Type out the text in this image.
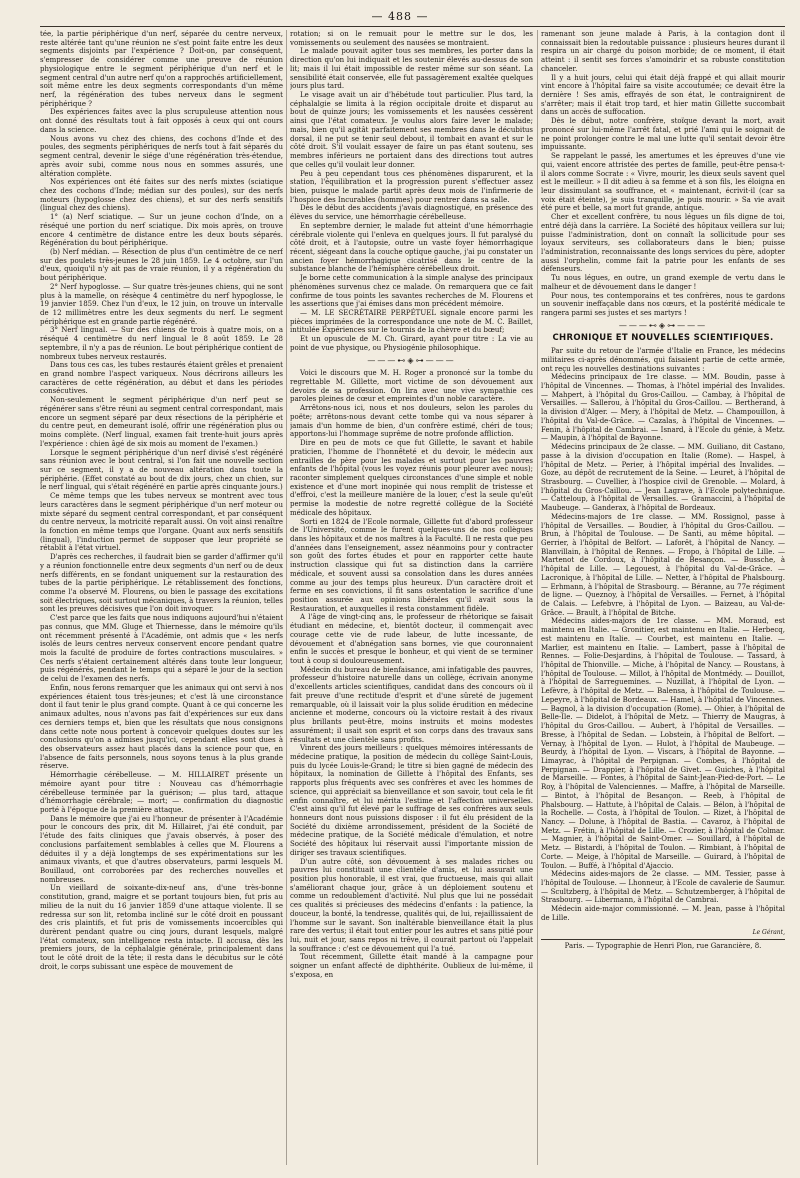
— 488 —

tée, la partie périphérique d'un nerf, séparée du centre nerveux, reste altérée tant qu'une réunion ne s'est point faite entre les deux segments disjoints par l'expérience ? Doit-on, par conséquent, s'empresser de considérer comme une preuve de réunion physiologique entre le segment périphérique d'un nerf et le segment central d'un autre nerf qu'on a rapprochés artificiellement, soit même entre les deux segments correspondants d'un même nerf, la régénération des tubes nerveux dans le segment périphérique ?

Des expériences faites avec la plus scrupuleuse attention nous ont donné des résultats tout à fait opposés à ceux qui ont cours dans la science.

Nous avons vu chez des chiens, des cochons d'Inde et des poules, des segments périphériques de nerfs tout à fait séparés du segment central, devenir le siége d'une régénération très-étendue, après avoir subi, comme nous nous en sommes assurés, une altération complète.

Nos expériences ont été faites sur des nerfs mixtes (sciatique chez des cochons d'Inde; médian sur des poules), sur des nerfs moteurs (hypoglosse chez des chiens), et sur des nerfs sensitifs (lingual chez des chiens).

1° (a) Nerf sciatique. — Sur un jeune cochon d'Inde, on a réséqué une portion du nerf sciatique. Dix mois après, on trouve encore 4 centimètre de distance entre les deux bouts séparés. Régénération du bout périphérique.

(b) Nerf médian. — Résection de plus d'un centimètre de ce nerf sur des poulets très-jeunes le 28 juin 1859. Le 4 octobre, sur l'un d'eux, quoiqu'il n'y ait pas de vraie réunion, il y a régénération du bout périphérique.

2° Nerf hypoglosse. — Sur quatre très-jeunes chiens, qui ne sont plus à la mamelle, on résèque 4 centimètre du nerf hypoglosse, le 19 janvier 1859. Chez l'un d'eux, le 12 juin, on trouve un intervalle de 12 millimètres entre les deux segments du nerf. Le segment périphérique est en grande partie régénéré.

3° Nerf lingual. — Sur des chiens de trois à quatre mois, on a réséqué 4 centimètre du nerf lingual le 8 août 1859. Le 28 septembre, il n'y a pas de réunion. Le bout périphérique contient de nombreux tubes nerveux restaurés.

Dans tous ces cas, les tubes restaurés étaient grêles et prenaient en grand nombre l'aspect variqueux. Nous décrirons ailleurs les caractères de cette régénération, au début et dans les périodes consécutives.

Non-seulement le segment périphérique d'un nerf peut se régénérer sans s'être réuni au segment central correspondant, mais encore un segment séparé par deux résections de la périphérie et du centre peut, en demeurant isolé, offrir une régénération plus ou moins complète. (Nerf lingual, examen fait trente-huit jours après l'expérience : chien âgé de six mois au moment de l'examen.)

Lorsque le segment périphérique d'un nerf divisé s'est régénéré sans réunion avec le bout central, si l'on fait une nouvelle section sur ce segment, il y a de nouveau altération dans toute la périphérie. (Effet constaté au bout de dix jours, chez un chien, sur le nerf lingual, qui s'était régénéré en partie après cinquante jours.)

Ce même temps que les tubes nerveux se montrent avec tous leurs caractères dans le segment périphérique d'un nerf moteur ou mixte séparé du segment central correspondant, et par conséquent du centre nerveux, la motricité reparaît aussi. On voit ainsi renaître la fonction en même temps que l'organe. Quant aux nerfs sensitifs (lingual), l'induction permet de supposer que leur propriété se rétablit à l'état virtuel.

D'après ces recherches, il faudrait bien se garder d'affirmer qu'il y a réunion fonctionnelle entre deux segments d'un nerf ou de deux nerfs différents, en se fondant uniquement sur la restauration des tubes de la partie périphérique. Le rétablissement des fonctions, comme l'a observé M. Flourens, ou bien le passage des excitations soit électriques, soit surtout mécaniques, à travers la réunion, telles sont les preuves décisives que l'on doit invoquer.

C'est parce que les faits que nous indiquons aujourd'hui n'étaient pas connus, que MM. Gluge et Thiernesse, dans le mémoire qu'ils ont récemment présenté à l'Académie, ont admis que « les nerfs isolés de leurs centres nerveux conservent encore pendant quatre mois la faculté de produire de fortes contractions musculaires. » Ces nerfs s'étaient certainement altérés dans toute leur longueur, puis régénérés, pendant le temps qui a séparé le jour de la section de celui de l'examen des nerfs.

Enfin, nous ferons remarquer que les animaux qui ont servi à nos expériences étaient tous très-jeunes; et c'est là une circonstance dont il faut tenir le plus grand compte. Quant à ce qui concerne les animaux adultes, nous n'avons pas fait d'expériences sur eux dans ces derniers temps et, bien que les résultats que nous consignons dans cette note nous portent à concevoir quelques doutes sur les conclusions qu'on a admises jusqu'ici, cependant elles sont dues à des observateurs assez haut placés dans la science pour que, en l'absence de faits personnels, nous soyons tenus à la plus grande réserve.

Hémorrhagie cérébelleuse. — M. HILLAIRET présente un mémoire ayant pour titre : Nouveau cas d'hémorrhagie cérébelleuse terminée par la guérison; — plus tard, attaque d'hémorrhagie cérébrale; — mort; — confirmation du diagnostic porté à l'époque de la première attaque.

Dans le mémoire que j'ai eu l'honneur de présenter à l'Académie pour le concours des prix, dit M. Hillairet, j'ai été conduit, par l'étude des faits cliniques que j'avais observés, à poser des conclusions parfaitement semblables à celles que M. Flourens a déduites il y a déjà longtemps de ses expérimentations sur les animaux vivants, et que d'autres observateurs, parmi lesquels M. Bouillaud, ont corroborées par des recherches nouvelles et nombreuses.

Un vieillard de soixante-dix-neuf ans, d'une très-bonne constitution, grand, maigre et se portant toujours bien, fut pris au milieu de la nuit du 16 janvier 1859 d'une attaque violente. Il se redressa sur son lit, retomba incliné sur le côté droit en poussant des cris plaintifs, et fut pris de vomissements incoercibles qui durèrent pendant quatre ou cinq jours, durant lesquels, malgré l'état comateux, son intelligence resta intacte. Il accusa, dès les premiers jours, de la céphalalgie générale, principalement dans tout le côté droit de la tête; il resta dans le décubitus sur le côté droit, le corps subissant une espèce de mouvement de

rotation; si on le remuait pour le mettre sur le dos, les vomissements ou seulement des nausées se montraient.

Le malade pouvait agiter tous ses membres, les porter dans la direction qu'on lui indiquait et les soutenir élevés au-dessus de son lit; mais il lui était impossible de rester même sur son séant. La sensibilité était conservée, elle fut passagèrement exaltée quelques jours plus tard.

Le visage avait un air d'hébétude tout particulier. Plus tard, la céphalalgie se limita à la région occipitale droite et disparut au bout de quinze jours; les vomissements et les nausées cessèrent ainsi que l'état comateux. Je voulus alors faire lever le malade; mais, bien qu'il agitât parfaitement ses membres dans le décubitus dorsal, il ne put se tenir seul debout, il tombait en avant et sur le côté droit. S'il voulait essayer de faire un pas étant soutenu, ses membres inférieurs ne portaient dans des directions tout autres que celles qu'il voulait leur donner.

Peu à peu cependant tous ces phénomènes disparurent, et la station, l'équilibration et la progression purent s'effectuer assez bien, puisque le malade partit après deux mois de l'infirmerie de l'hospice des Incurables (hommes) pour rentrer dans sa salle.

Dès le début des accidents j'avais diagnostiqué, en présence des élèves du service, une hémorrhagie cérébelleuse.

En septembre dernier, le malade fut atteint d'une hémorrhagie cérébrale violente qui l'enleva en quelques jours. Il fut paralysé du côté droit, et à l'autopsie, outre un vaste foyer hémorrhagique récent, siégeant dans la couche optique gauche, j'ai pu constater un ancien foyer hémorrhagique cicatrisé dans le centre de la substance blanche de l'hémisphère cérébelleux droit.

Je borne cette communication à la simple analyse des principaux phénomènes survenus chez ce malade. On remarquera que ce fait confirme de tous points les savantes recherches de M. Flourens et les assertions que j'ai émises dans mon précédent mémoire.

— M. LE SECRÉTAIRE PERPÉTUEL signale encore parmi les pièces imprimées de la correspondance une note de M. C. Baillet, intitulée Expériences sur le tournis de la chèvre et du bœuf;

Et un opuscule de M. Ch. Girard, ayant pour titre : La vie au point de vue physique, ou Physiogénie philosophique.

———⊷◈⊶———

Voici le discours que M. H. Roger a prononcé sur la tombe du regrettable M. Gillette, mort victime de son dévouement aux devoirs de sa profession. On lira avec une vive sympathie ces paroles pleines de cœur et empreintes d'un noble caractère.

Arrêtons-nous ici, nous et nos douleurs, selon les paroles du poëte; arrêtons-nous devant cette tombe qui va nous séparer à jamais d'un homme de bien, d'un confrère estimé, chéri de tous; apportons-lui l'hommage suprême de notre profonde affliction.

Dire en peu de mots ce que fut Gillette, le savant et habile praticien, l'homme de l'honnêteté et du devoir, le médecin aux entrailles de père pour les malades et surtout pour les pauvres enfants de l'hôpital (vous les voyez réunis pour pleurer avec nous); raconter simplement quelques circonstances d'une simple et noble existence et d'une mort inopinée qui nous remplit de tristesse et d'effroi, c'est la meilleure manière de la louer, c'est la seule qu'eût permise la modestie de notre regretté collègue de la Société médicale des hôpitaux.

Sorti en 1824 de l'Ecole normale, Gillette fut d'abord professeur de l'Université, comme le furent quelques-uns de nos collègues dans les hôpitaux et de nos maîtres à la Faculté. Il ne resta que peu d'années dans l'enseignement, assez néanmoins pour y contracter son goût des fortes études et pour en rapporter cette haute instruction classique qui fut sa distinction dans la carrière médicale, et souvent aussi sa consolation dans les dures années comme au jour des temps plus heureux. D'un caractère droit et ferme en ses convictions, il fit sans ostentation le sacrifice d'une position assurée aux opinions libérales qu'il avait sous la Restauration, et auxquelles il resta constamment fidèle.

A l'âge de vingt-cinq ans, le professeur de rhétorique se faisait étudiant en médecine, et, bientôt docteur, il commençait avec courage cette vie de rude labeur, de lutte incessante, de dévouement et d'abnégation sans bornes, vie que couronnaient enfin le succès et presque le bonheur, et qui vient de se terminer tout à coup si douloureusement.

Médecin du bureau de bienfaisance, ami infatigable des pauvres, professeur d'histoire naturelle dans un collège, écrivain anonyme d'excellents articles scientifiques, candidat dans des concours où il fait preuve d'une rectitude d'esprit et d'une sûreté de jugement remarquable, où il laissait voir la plus solide érudition en médecine ancienne et moderne, concours où la victoire restait à des rivaux plus brillants peut-être, moins instruits et moins modestes assurément; il usait son esprit et son corps dans des travaux sans résultats et une clientèle sans profits.

Vinrent des jours meilleurs : quelques mémoires intéressants de médecine pratique, la position de médecin du collège Saint-Louis, puis du lycée Louis-le-Grand; le titre si bien gagné de médecin des hôpitaux, la nomination de Gillette à l'hôpital des Enfants, ses rapports plus fréquents avec ses confrères et avec les hommes de science, qui appréciait sa bienveillance et son savoir, tout cela le fit enfin connaître, et lui mérita l'estime et l'affection universelles. C'est ainsi qu'il fut élevé par le suffrage de ses confrères aux seuls honneurs dont nous puissions disposer : il fut élu président de la Société du dixième arrondissement, président de la Société de médecine pratique, de la Société médicale d'émulation, et notre Société des hôpitaux lui réservait aussi l'importante mission de diriger ses travaux scientifiques.

D'un autre côté, son dévouement à ses malades riches ou pauvres lui constituait une clientèle d'amis, et lui assurait une position plus honorable, il est vrai, que fructueuse, mais qui allait s'améliorant chaque jour, grâce à un déploiement soutenu et comme un redoublement d'activité. Nul plus que lui ne possédait ces qualités si précieuses des médecins d'enfants : la patience, la douceur, la bonté, la tendresse, qualités qui, de lui, rejaillissaient de l'homme sur le savant. Son inaltérable bienveillance était la plus rare des vertus; il était tout entier pour les autres et sans pitié pour lui, nuit et jour, sans repos ni trêve, il courait partout où l'appelait la souffrance : c'est ce dévouement qui l'a tué.

Tout récemment, Gillette était mandé à la campagne pour soigner un enfant affecté de diphthérite. Oublieux de lui-même, il s'exposa, en

ramenant son jeune malade à Paris, à la contagion dont il connaissait bien la redoutable puissance : plusieurs heures durant il respira un air chargé du poison morbide; de ce moment, il était atteint : il sentit ses forces s'amoindrir et sa robuste constitution chanceler.

Il y a huit jours, celui qui était déjà frappé et qui allait mourir vint encore à l'hôpital faire sa visite accoutumée; ce devait être la dernière ! Ses amis, effrayés de son état, le contraignirent de s'arrêter; mais il était trop tard, et hier matin Gillette succombait dans un accès de suffocation.

Dès le début, notre confrère, stoïque devant la mort, avait prononcé sur lui-même l'arrêt fatal, et prié l'ami qui le soignait de ne point prolonger contre le mal une lutte qu'il sentait devoir être impuissante.

Se rappelant le passé, les amertumes et les épreuves d'une vie qui, vaient encore attristée des pertes de famille, peut-être pensa-t-il alors comme Socrate : « Vivre, mourir, les dieux seuls savent quel est le meilleur. » Il dit adieu à sa femme et à son fils, les éloigna en leur dissimulant sa souffrance, et « maintenant, écrivit-il (car sa voix était éteinte), je suis tranquille, je puis mourir. » Sa vie avait été pure et belle, sa mort fut grande, antique.

Cher et excellent confrère, tu nous légues un fils digne de toi, entré déjà dans la carrière. La Société des hôpitaux veillera sur lui; puisse l'administration, dont on connaît la sollicitude pour ses loyaux serviteurs, ses collaborateurs dans le bien; puisse l'administration, reconnaissante des longs services du père, adopter aussi l'orphelin, comme fait la patrie pour les enfants de ses défenseurs.

Tu nous légues, en outre, un grand exemple de vertu dans le malheur et de dévouement dans le danger !

Pour nous, tes contemporains et tes confrères, nous te gardons un souvenir ineffaçable dans nos cœurs, et la postérité médicale te rangera parmi ses justes et ses martyrs !

———⊷◈⊶———
CHRONIQUE ET NOUVELLES SCIENTIFIQUES.

Par suite du retour de l'armée d'Italie en France, les médecins militaires ci-après dénommés, qui faisaient partie de cette armée, ont reçu les nouvelles destinations suivantes :

Médecins principaux de 1re classe. — MM. Boudin, passe à l'hôpital de Vincennes. — Thomas, à l'hôtel impérial des Invalides. — Mahpert, à l'hôpital du Gros-Caillou. — Cambay, à l'hôpital de Versailles. — Sallerou, à l'hôpital du Gros-Caillou. — Bertherand, à la division d'Alger. — Mery, à l'hôpital de Metz. — Champouillon, à l'hôpital du Val-de-Grâce. — Cazalas, à l'hôpital de Vincennes. — Fenin, à l'hôpital de Cambrai. — Isnard, à l'Ecole du génie, à Metz. — Maupin, à l'hôpital de Bayonne.

Médecins principaux de 2e classe. — MM. Guiliano, dit Castano, passe à la division d'occupation en Italie (Rome). — Haspel, à l'hôpital de Metz. — Perier, à l'hôpital impérial des Invalides. — Goze, au dépôt de recrutement de la Seine. — Leuret, à l'hôpital de Strasbourg. — Cuvellier, à l'hospice civil de Grenoble. — Molard, à l'hôpital du Gros-Caillou. — Jean Lagrave, à l'Ecole polytechnique. — Catteloup, à l'hôpital de Versailles. — Gramaccini, à l'hôpital de Maubeuge. — Ganderax, à l'hôpital de Bordeaux.

Médecins-majors de 1re classe. — MM. Rossignol, passe à l'hôpital de Versailles. — Boudier, à l'hôpital du Gros-Caillou. — Brun, à l'hôpital de Toulouse. — De Santi, au même hôpital. — Gerrier, à l'hôpital de Belfort. — Laforêt, à l'hôpital de Nancy. — Blanvillain, à l'hôpital de Rennes. — Fropo, à l'hôpital de Lille. — Martenot de Cordoux, à l'hôpital de Besançon. — Bussche, à l'hôpital de Lille. — Legouest, à l'hôpital du Val-de-Grâce. — Lacronique, à l'hôpital de Lille. — Netter, à l'hôpital de Phalsbourg. — Erhmann, à l'hôpital de Strasbourg. — Béranne, au 77e régiment de ligne. — Queznoy, à l'hôpital de Versailles. — Fernet, à l'hôpital de Calais. — Lefebvre, à l'hôpital de Lyon. — Baizeau, au Val-de-Grâce. — Brault, à l'hôpital de Bitche.

Médecins aides-majors de 1re classe. — MM. Moraud, est maintenu en Italie. — Gronitier, est maintenu en Italie. — Herbecq, est maintenu en Italie. — Courbet, est maintenu en Italie. — Marlier, est maintenu en Italie. — Lambert, passe à l'hôpital de Rennes. — Folie-Desjardins, à l'hôpital de Toulouse. — Tassard, à l'hôpital de Thionville. — Miche, à l'hôpital de Nancy. — Roustans, à l'hôpital de Toulouse. — Millot, à l'hôpital de Montmédy. — Douillot, à l'hôpital de Sarreguemines. — Nuzillat, à l'hôpital de Lyon. — Lefèvre, à l'hôpital de Metz. — Balensa, à l'hôpital de Toulouse. — Lepeyre, à l'hôpital de Bordeaux. — Hamel, à l'hôpital de Vincennes. — Bagnol, à la division d'occupation (Rome). — Ohier, à l'hôpital de Belle-Ile. — Didelot, à l'hôpital de Metz. — Thierry de Maugras, à l'hôpital du Gros-Caillou. — Aubert, à l'hôpital de Versailles. — Bresse, à l'hôpital de Sedan. — Lobstein, à l'hôpital de Belfort. — Vernay, à l'hôpital de Lyon. — Hulot, à l'hôpital de Maubeuge. — Beurdy, à l'hôpital de Lyon. — Viscars, à l'hôpital de Bayonne. — Limayrac, à l'hôpital de Perpignan. — Combes, à l'hôpital de Perpignan. — Drappier, à l'hôpital de Givet. — Guiches, à l'hôpital de Marseille. — Fontes, à l'hôpital de Saint-Jean-Pied-de-Port. — Le Roy, à l'hôpital de Valenciennes. — Maffre, à l'hôpital de Marseille. — Bintot, à l'hôpital de Besançon. — Reeb, à l'hôpital de Phalsbourg. — Hattute, à l'hôpital de Calais. — Bélon, à l'hôpital de la Rochelle. — Costa, à l'hôpital de Toulon. — Rizet, à l'hôpital de Nancy. — Dolune, à l'hôpital de Bastia. — Cavaroz, à l'hôpital de Metz. — Frétin, à l'hôpital de Lille. — Crozier, à l'hôpital de Colmar. — Magnier, à l'hôpital de Saint-Omer. — Souillard, à l'hôpital de Metz. — Bistardi, à l'hôpital de Toulon. — Rimbiant, à l'hôpital de Corte. — Meige, à l'hôpital de Marseille. — Guirard, à l'hôpital de Toulon. — Buffé, à l'hôpital d'Ajaccio.

Médecins aides-majors de 2e classe. — MM. Tessier, passe à l'hôpital de Toulouse. — Lhonneur, à l'Ecole de cavalerie de Saumur. — Scultzberg, à l'hôpital de Metz. — Schutzemberger, à l'hôpital de Strasbourg. — Libermann, à l'hôpital de Cambrai.

Médecin aide-major commissionné. — M. Jean, passe à l'hôpital de Lille.

Le Gérant,
Paris. — Typographie de Henri Plon, rue Garancière, 8.
